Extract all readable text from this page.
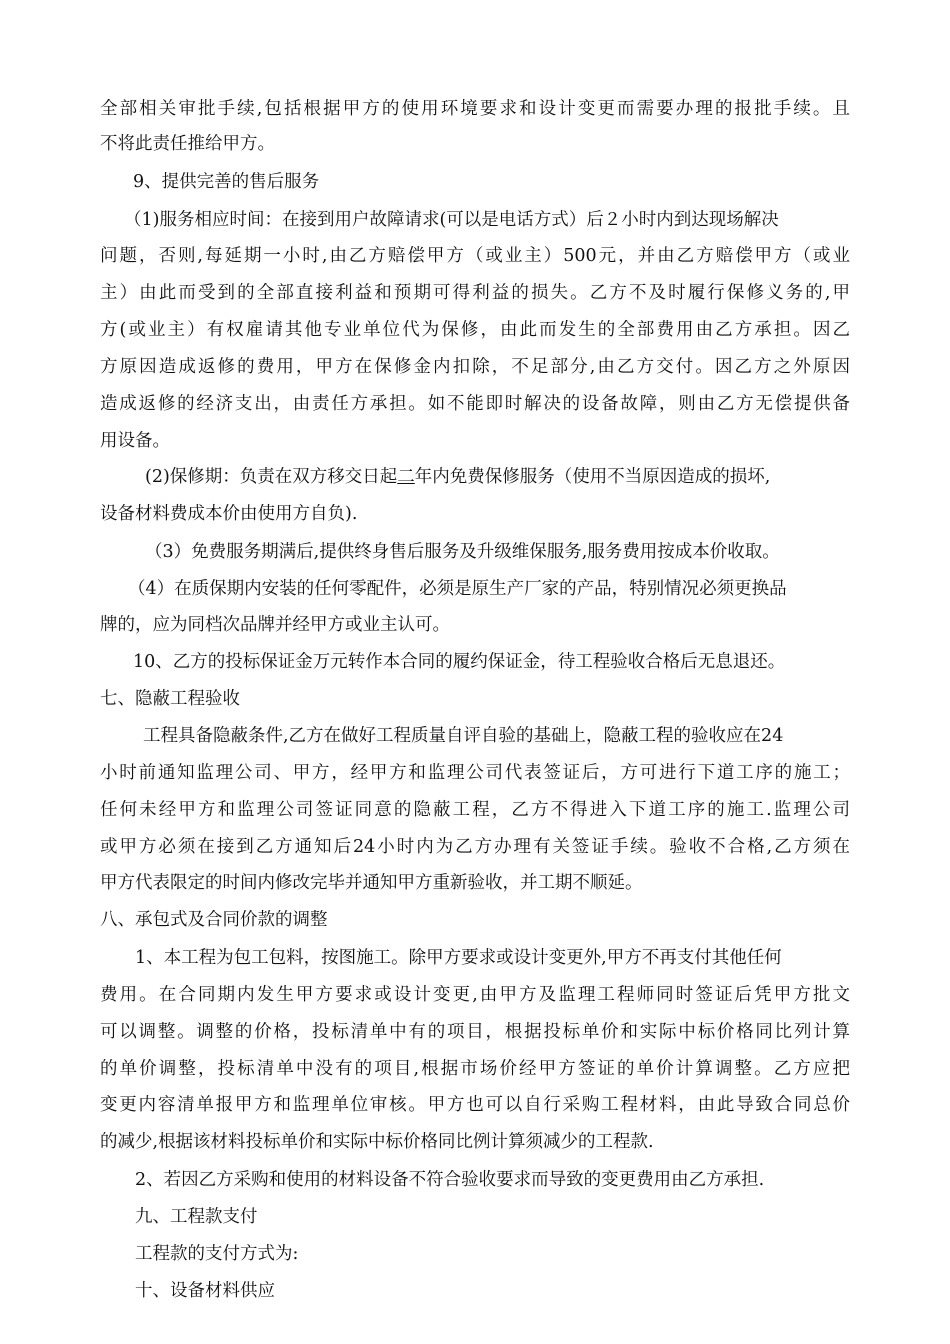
全部相关审批手续,包括根据甲方的使用环境要求和设计变更而需要办理的报批手续。且
不将此责任推给甲方。
9、提供完善的售后服务
（1)服务相应时间：在接到用户故障请求(可以是电话方式）后２小时内到达现场解决
问题，否则,每延期一小时,由乙方赔偿甲方（或业主）500元，并由乙方赔偿甲方（或业
主）由此而受到的全部直接利益和预期可得利益的损失。乙方不及时履行保修义务的,甲
方(或业主）有权雇请其他专业单位代为保修，由此而发生的全部费用由乙方承担。因乙
方原因造成返修的费用，甲方在保修金内扣除，不足部分,由乙方交付。因乙方之外原因
造成返修的经济支出，由责任方承担。如不能即时解决的设备故障，则由乙方无偿提供备
用设备。
(2)保修期：负责在双方移交日起二年内免费保修服务（使用不当原因造成的损坏,
设备材料费成本价由使用方自负).
（3）免费服务期满后,提供终身售后服务及升级维保服务,服务费用按成本价收取。
（4）在质保期内安装的任何零配件，必须是原生产厂家的产品，特别情况必须更换品
牌的，应为同档次品牌并经甲方或业主认可。
10、乙方的投标保证金万元转作本合同的履约保证金，待工程验收合格后无息退还。
七、隐蔽工程验收
工程具备隐蔽条件,乙方在做好工程质量自评自验的基础上，隐蔽工程的验收应在24
小时前通知监理公司、甲方，经甲方和监理公司代表签证后，方可进行下道工序的施工；
任何未经甲方和监理公司签证同意的隐蔽工程，乙方不得进入下道工序的施工.监理公司
或甲方必须在接到乙方通知后24小时内为乙方办理有关签证手续。验收不合格,乙方须在
甲方代表限定的时间内修改完毕并通知甲方重新验收，并工期不顺延。
八、承包式及合同价款的调整
1、本工程为包工包料，按图施工。除甲方要求或设计变更外,甲方不再支付其他任何
费用。在合同期内发生甲方要求或设计变更,由甲方及监理工程师同时签证后凭甲方批文
可以调整。调整的价格，投标清单中有的项目，根据投标单价和实际中标价格同比列计算
的单价调整，投标清单中没有的项目,根据市场价经甲方签证的单价计算调整。乙方应把
变更内容清单报甲方和监理单位审核。甲方也可以自行采购工程材料，由此导致合同总价
的减少,根据该材料投标单价和实际中标价格同比例计算须减少的工程款.
2、若因乙方采购和使用的材料设备不符合验收要求而导致的变更费用由乙方承担.
九、工程款支付
工程款的支付方式为:
十、设备材料供应
